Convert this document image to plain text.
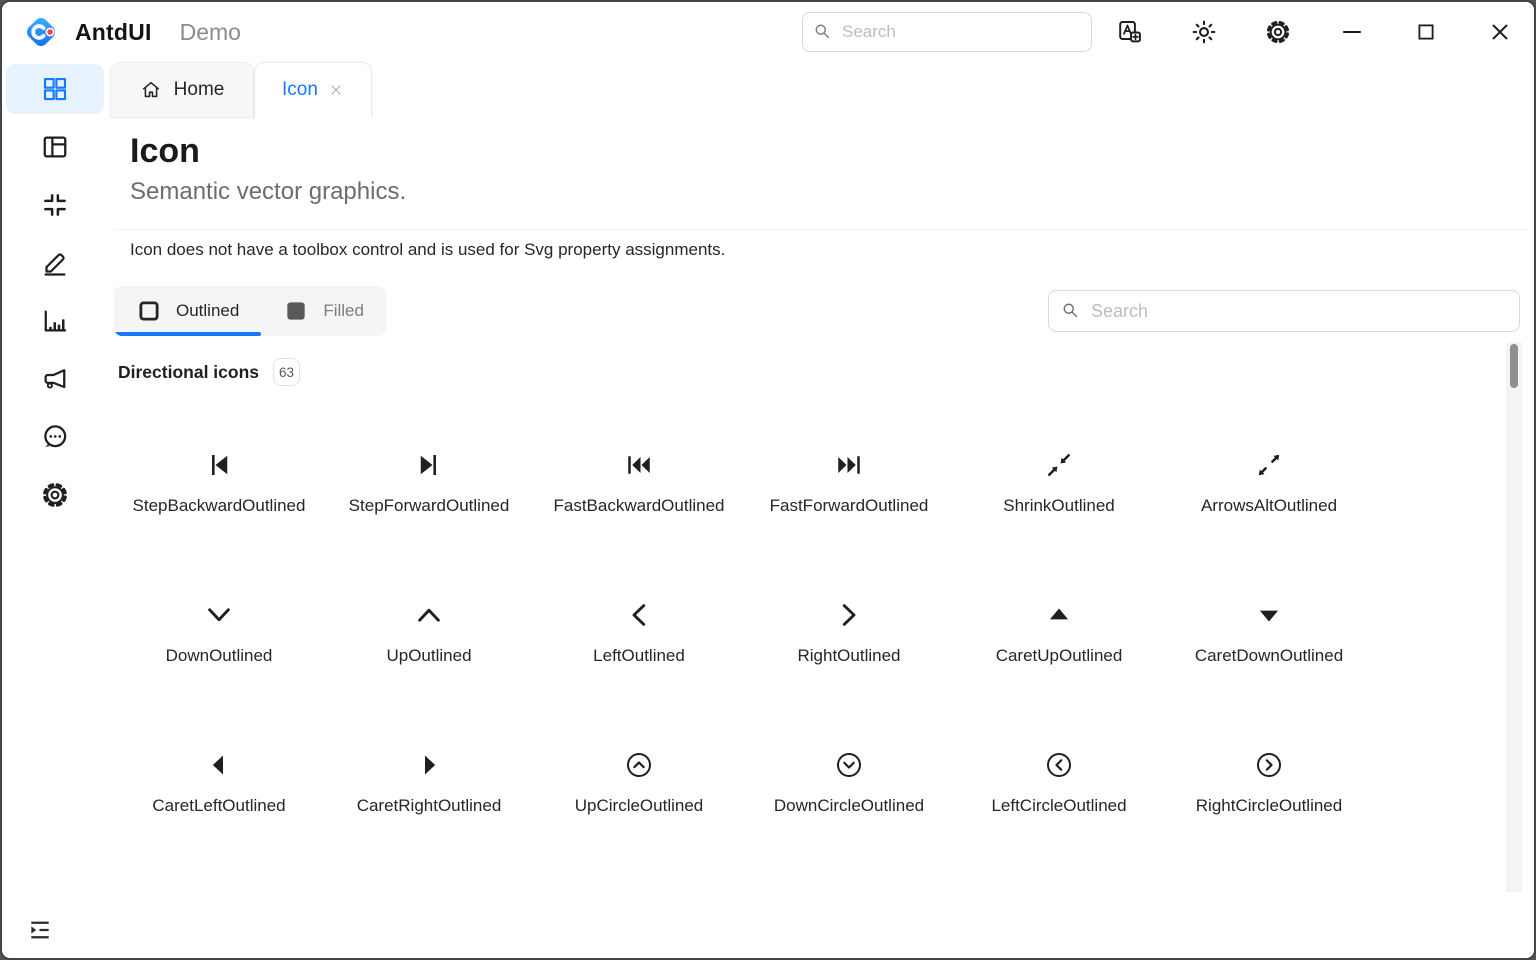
AntdUI Demo
Search
Home	Icon
Icon
Semantic vector graphics.
Icon does not have a toolbox control and is used for Svg property assignments.
Outlined	Filled
Search
Directional icons	63
StepBackwardOutlined	StepForwardOutlined	FastBackwardOutlined	FastForwardOutlined	ShrinkOutlined	ArrowsAltOutlined
DownOutlined	UpOutlined	LeftOutlined	RightOutlined	CaretUpOutlined	CaretDownOutlined
CaretLeftOutlined	CaretRightOutlined	UpCircleOutlined	DownCircleOutlined	LeftCircleOutlined	RightCircleOutlined
